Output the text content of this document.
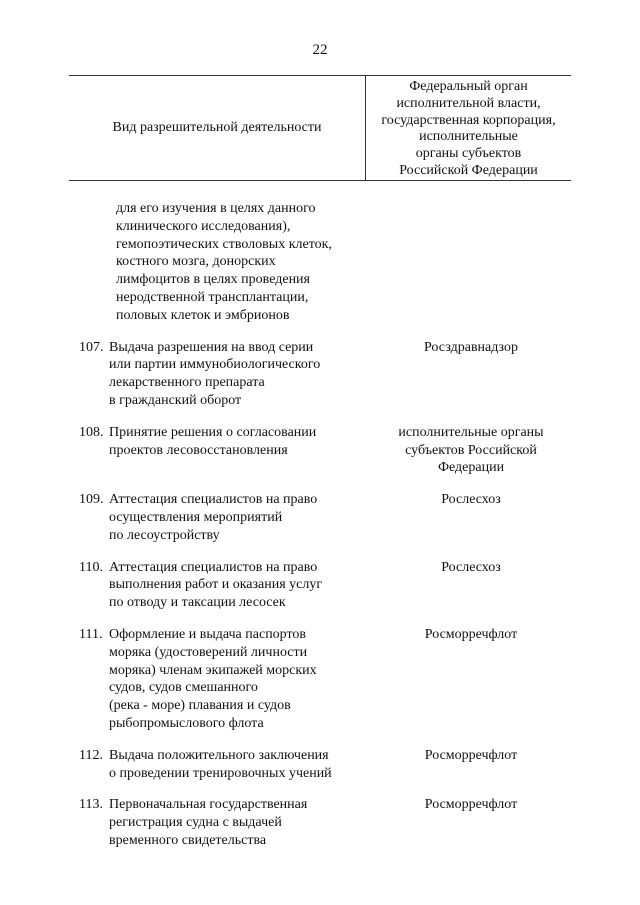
22
Вид разрешительной деятельности
Федеральный орган
исполнительной власти,
государственная корпорация,
исполнительные
органы субъектов
Российской Федерации
для его изучения в целях данного
клинического исследования),
гемопоэтических стволовых клеток,
костного мозга, донорских
лимфоцитов в целях проведения
неродственной трансплантации,
половых клеток и эмбрионов
107. Выдача разрешения на ввод серии
или партии иммунобиологического
лекарственного препарата
в гражданский оборот
Росздравнадзор
108. Принятие решения о согласовании
проектов лесовосстановления
исполнительные органы
субъектов Российской
Федерации
109. Аттестация специалистов на право
осуществления мероприятий
по лесоустройству
Рослесхоз
110. Аттестация специалистов на право
выполнения работ и оказания услуг
по отводу и таксации лесосек
Рослесхоз
111. Оформление и выдача паспортов
моряка (удостоверений личности
моряка) членам экипажей морских
судов, судов смешанного
(река - море) плавания и судов
рыбопромыслового флота
Росморречфлот
112. Выдача положительного заключения
о проведении тренировочных учений
Росморречфлот
113. Первоначальная государственная
регистрация судна с выдачей
временного свидетельства
Росморречфлот
